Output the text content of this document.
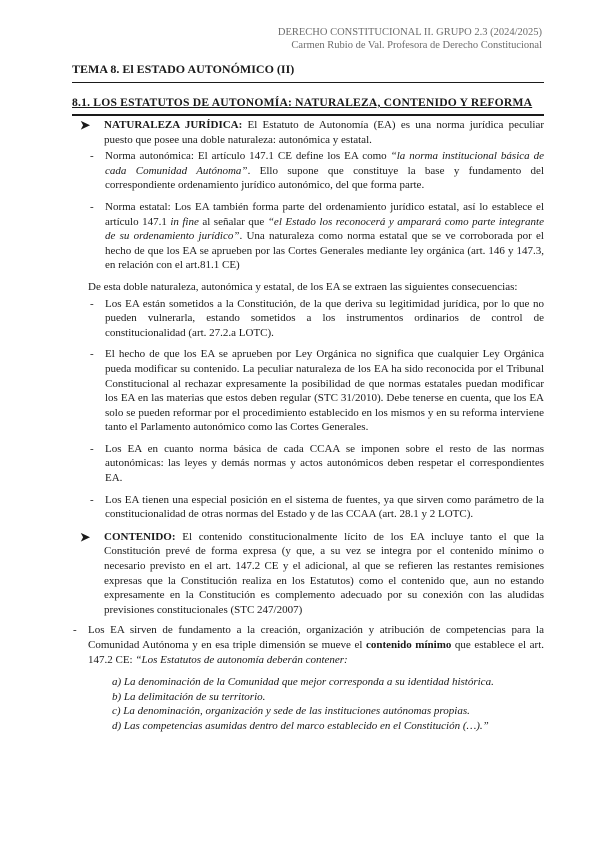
DERECHO CONSTITUCIONAL II. GRUPO 2.3 (2024/2025)
Carmen Rubio de Val. Profesora de Derecho Constitucional
TEMA 8. El ESTADO AUTONÓMICO (II)
8.1. LOS ESTATUTOS DE AUTONOMÍA: NATURALEZA, CONTENIDO Y REFORMA
➤ NATURALEZA JURÍDICA: El Estatuto de Autonomía (EA) es una norma jurídica peculiar puesto que posee una doble naturaleza: autonómica y estatal.
- Norma autonómica: El artículo 147.1 CE define los EA como “la norma institucional básica de cada Comunidad Autónoma”. Ello supone que constituye la base y fundamento del correspondiente ordenamiento jurídico autonómico, del que forma parte.
- Norma estatal: Los EA también forma parte del ordenamiento jurídico estatal, así lo establece el artículo 147.1 in fine al señalar que “el Estado los reconocerá y amparará como parte integrante de su ordenamiento jurídico”. Una naturaleza como norma estatal que se ve corroborada por el hecho de que los EA se aprueben por las Cortes Generales mediante ley orgánica (art. 146 y 147.3, en relación con el art.81.1 CE)

De esta doble naturaleza, autonómica y estatal, de los EA se extraen las siguientes consecuencias:

- Los EA están sometidos a la Constitución, de la que deriva su legitimidad jurídica, por lo que no pueden vulnerarla, estando sometidos a los instrumentos ordinarios de control de constitucionalidad (art. 27.2.a LOTC).
- El hecho de que los EA se aprueben por Ley Orgánica no significa que cualquier Ley Orgánica pueda modificar su contenido. La peculiar naturaleza de los EA ha sido reconocida por el Tribunal Constitucional al rechazar expresamente la posibilidad de que normas estatales puedan modificar los EA en las materias que estos deben regular (STC 31/2010). Debe tenerse en cuenta, que los EA solo se pueden reformar por el procedimiento establecido en los mismos y en su reforma interviene tanto el Parlamento autonómico como las Cortes Generales.
- Los EA en cuanto norma básica de cada CCAA se imponen sobre el resto de las normas autonómicas: las leyes y demás normas y actos autonómicos deben respetar el correspondientes EA.
- Los EA tienen una especial posición en el sistema de fuentes, ya que sirven como parámetro de la constitucionalidad de otras normas del Estado y de las CCAA (art. 28.1 y 2 LOTC).
➤ CONTENIDO: El contenido constitucionalmente lícito de los EA incluye tanto el que la Constitución prevé de forma expresa (y que, a su vez se integra por el contenido mínimo o necesario previsto en el art. 147.2 CE y el adicional, al que se refieren las restantes remisiones expresas que la Constitución realiza en los Estatutos) como el contenido que, aun no estando expresamente en la Constitución es complemento adecuado por su conexión con las aludidas previsiones constitucionales (STC 247/2007)
- Los EA sirven de fundamento a la creación, organización y atribución de competencias para la Comunidad Autónoma y en esa triple dimensión se mueve el contenido mínimo que establece el art. 147.2 CE: “Los Estatutos de autonomía deberán contener:

a) La denominación de la Comunidad que mejor corresponda a su identidad histórica.

b) La delimitación de su territorio.

c) La denominación, organización y sede de las instituciones autónomas propias.

d) Las competencias asumidas dentro del marco establecido en el Constitución (…).”
